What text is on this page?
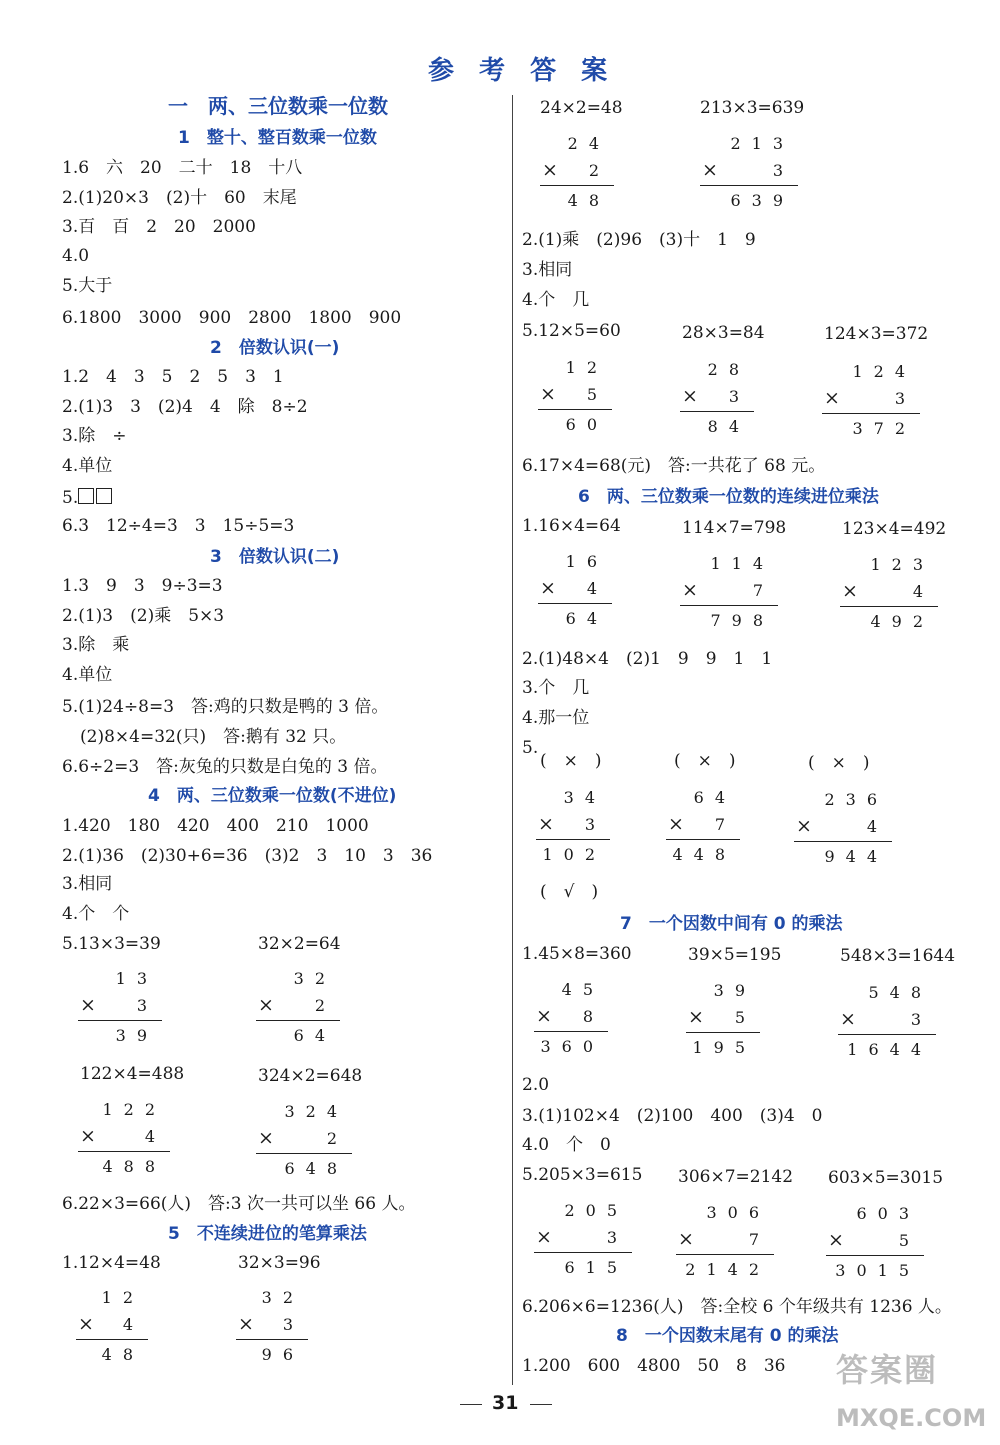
参 考 答 案
一　两、三位数乘一位数
1　整十、整百数乘一位数
1.6　六　20　二十　18　十八
2.(1)20×3　(2)十　60　末尾
3.百　百　2　20　2000
4.0
5.大于
6.1800　3000　900　2800　1800　900
2　倍数认识(一)
1.2　4　3　5　2　5　3　1
2.(1)3　3　(2)4　4　除　8÷2
3.除　÷
4.单位
5.
6.3　12÷4=3　3　15÷5=3
3　倍数认识(二)
1.3　9　3　9÷3=3
2.(1)3　(2)乘　5×3
3.除　乘
4.单位
5.(1)24÷8=3　答:鸡的只数是鸭的 3 倍。
(2)8×4=32(只)　答:鹅有 32 只。
6.6÷2=3　答:灰兔的只数是白兔的 3 倍。
4　两、三位数乘一位数(不进位)
1.420　180　420　400　210　1000
2.(1)36　(2)30+6=36　(3)2　3　10　3　36
3.相同
4.个　个
5.13×3=39	32×2=64
13
×	3
39
32
×	2
64
122×4=488	324×2=648
122
×	4
488
324
×	2
648
6.22×3=66(人)　答:3 次一共可以坐 66 人。
5　不连续进位的笔算乘法
1.12×4=48	32×3=96
12
× 4
48
32
× 3
96
24×2=48	213×3=639
24
× 2
48
213
×	3
639
2.(1)乘　(2)96　(3)十　1　9
3.相同
4.个　几
5.12×5=60	28×3=84	124×3=372
12
× 5
60
28
× 3
84
124
×	3
372
6.17×4=68(元)　答:一共花了 68 元。
6　两、三位数乘一位数的连续进位乘法
1.16×4=64	114×7=798	123×4=492
16
× 4
64
114
×	7
798
123
×	4
492
2.(1)48×4　(2)1　9　9　1　1
3.个　几
4.那一位
5.
(　×　)	(　×　)	(　×　)
34
× 3
102
64
× 7
448
236
×	4
944
(　√　)
7　一个因数中间有 0 的乘法
1.45×8=360	39×5=195	548×3=1644
45
× 8
360
39
× 5
195
548
×	3
1644
2.0
3.(1)102×4　(2)100　400　(3)4　0
4.0　个　0
5.205×3=615 306×7=2142 603×5=3015
205
×	3
615
306
×	7
2142
603
×	5
3015
6.206×6=1236(人)　答:全校 6 个年级共有 1236 人。
8　一个因数末尾有 0 的乘法
1.200　600　4800　50　8　36
31
答案圈
MXQE.COM
